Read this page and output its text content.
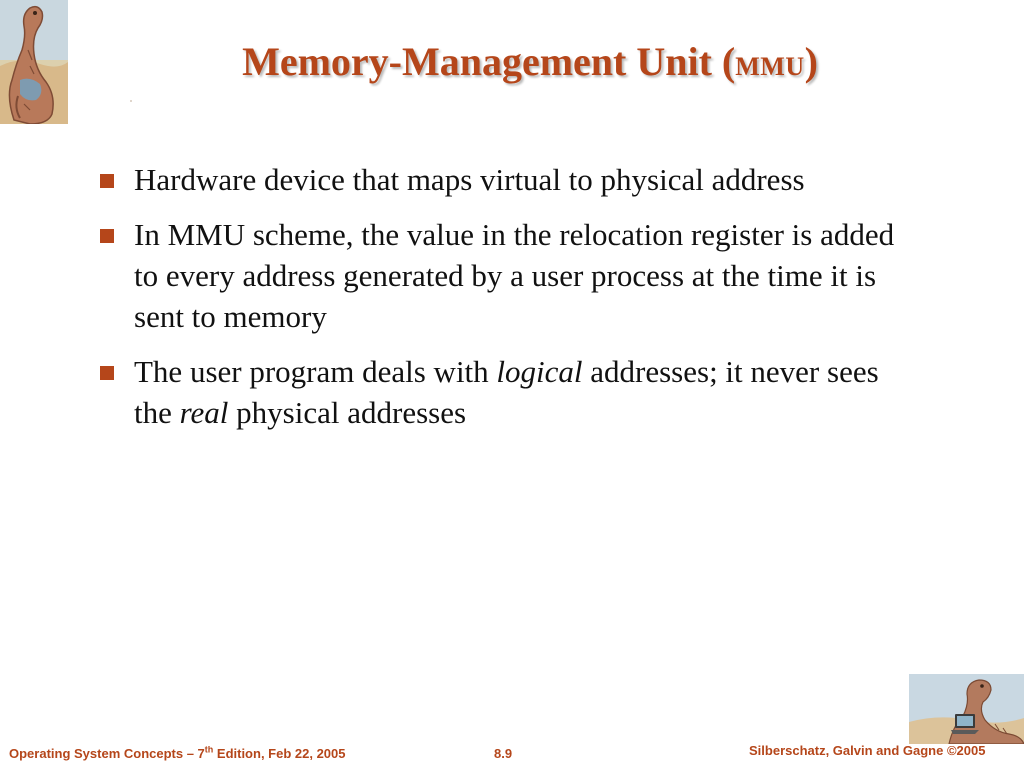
Memory-Management Unit (MMU)
Hardware device that maps virtual to physical address
In MMU scheme, the value in the relocation register is added to every address generated by a user process at the time it is sent to memory
The user program deals with logical addresses; it never sees the real physical addresses
Operating System Concepts – 7th Edition, Feb 22, 2005	8.9	Silberschatz, Galvin and Gagne ©2005
